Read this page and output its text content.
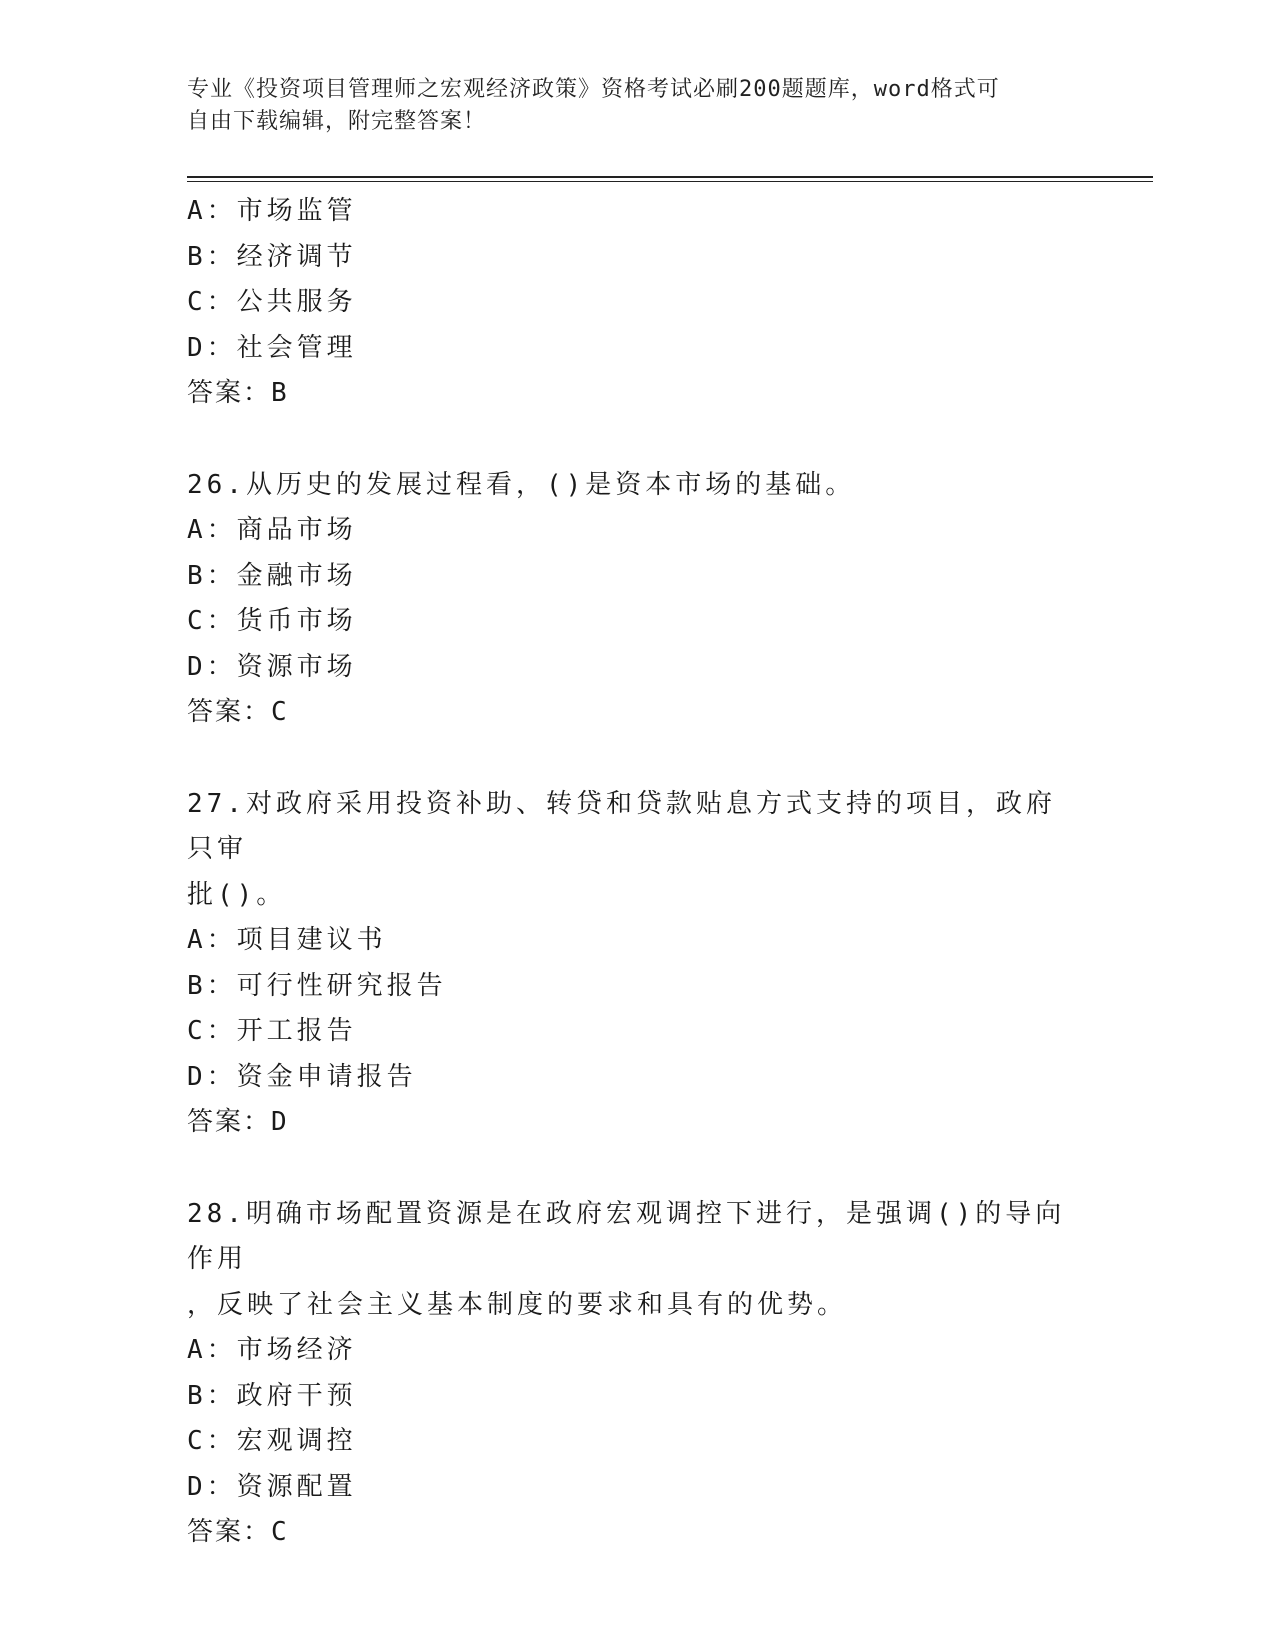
专业《投资项目管理师之宏观经济政策》资格考试必刷200题题库，word格式可
自由下载编辑，附完整答案！
A：市场监管
B：经济调节
C：公共服务
D：社会管理
答案：B
26.从历史的发展过程看，()是资本市场的基础。
A：商品市场
B：金融市场
C：货币市场
D：资源市场
答案：C
27.对政府采用投资补助、转贷和贷款贴息方式支持的项目，政府只审
批()。
A：项目建议书
B：可行性研究报告
C：开工报告
D：资金申请报告
答案：D
28.明确市场配置资源是在政府宏观调控下进行，是强调()的导向作用
，反映了社会主义基本制度的要求和具有的优势。
A：市场经济
B：政府干预
C：宏观调控
D：资源配置
答案：C
